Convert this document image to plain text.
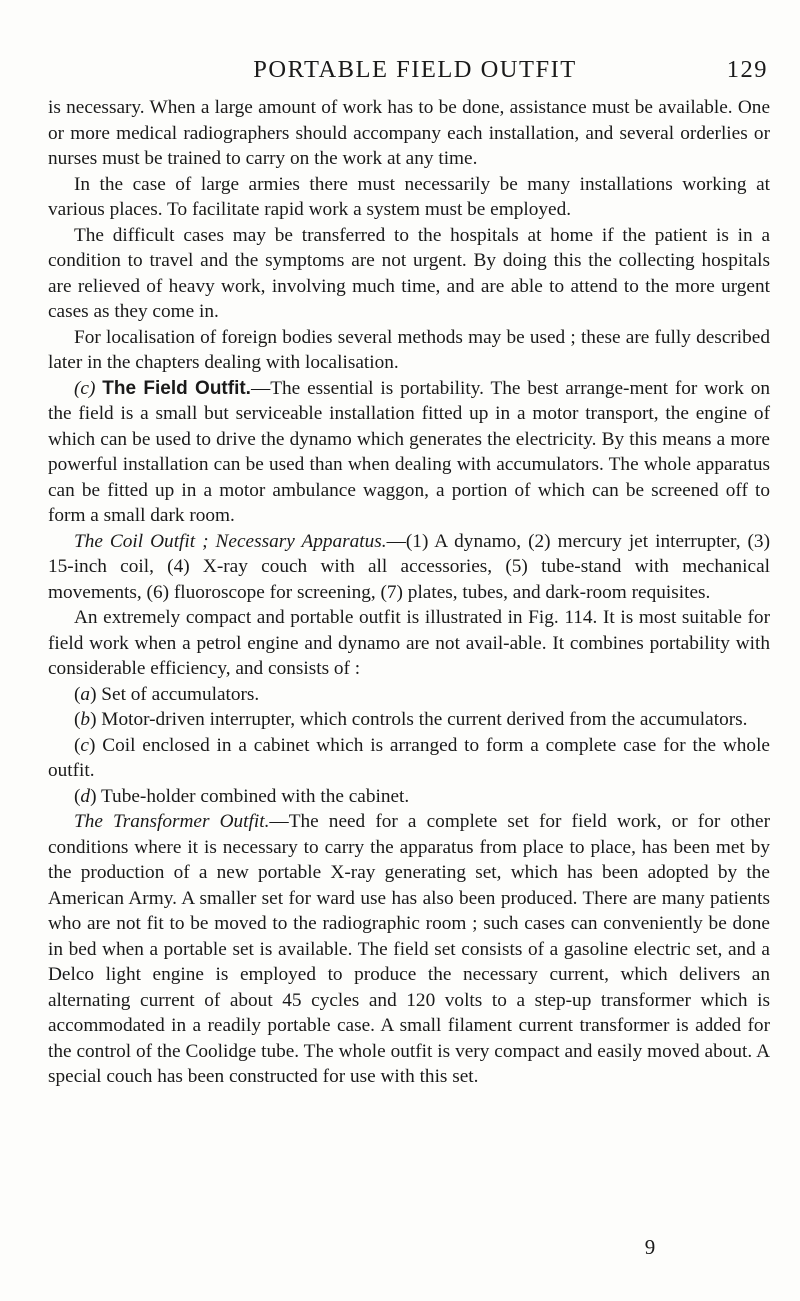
PORTABLE FIELD OUTFIT	129

is necessary. When a large amount of work has to be done, assistance must be available. One or more medical radiographers should accompany each installation, and several orderlies or nurses must be trained to carry on the work at any time.

In the case of large armies there must necessarily be many installations working at various places. To facilitate rapid work a system must be employed.

The difficult cases may be transferred to the hospitals at home if the patient is in a condition to travel and the symptoms are not urgent. By doing this the collecting hospitals are relieved of heavy work, involving much time, and are able to attend to the more urgent cases as they come in.

For localisation of foreign bodies several methods may be used ; these are fully described later in the chapters dealing with localisation.

(c) The Field Outfit.—The essential is portability. The best arrange-ment for work on the field is a small but serviceable installation fitted up in a motor transport, the engine of which can be used to drive the dynamo which generates the electricity. By this means a more powerful installation can be used than when dealing with accumulators. The whole apparatus can be fitted up in a motor ambulance waggon, a portion of which can be screened off to form a small dark room.

The Coil Outfit ; Necessary Apparatus.—(1) A dynamo, (2) mercury jet interrupter, (3) 15-inch coil, (4) X-ray couch with all accessories, (5) tube-stand with mechanical movements, (6) fluoroscope for screening, (7) plates, tubes, and dark-room requisites.

An extremely compact and portable outfit is illustrated in Fig. 114. It is most suitable for field work when a petrol engine and dynamo are not avail-able. It combines portability with considerable efficiency, and consists of :

(a) Set of accumulators.

(b) Motor-driven interrupter, which controls the current derived from the accumulators.

(c) Coil enclosed in a cabinet which is arranged to form a complete case for the whole outfit.

(d) Tube-holder combined with the cabinet.

The Transformer Outfit.—The need for a complete set for field work, or for other conditions where it is necessary to carry the apparatus from place to place, has been met by the production of a new portable X-ray generating set, which has been adopted by the American Army. A smaller set for ward use has also been produced. There are many patients who are not fit to be moved to the radiographic room ; such cases can conveniently be done in bed when a portable set is available. The field set consists of a gasoline electric set, and a Delco light engine is employed to produce the necessary current, which delivers an alternating current of about 45 cycles and 120 volts to a step-up transformer which is accommodated in a readily portable case. A small filament current transformer is added for the control of the Coolidge tube. The whole outfit is very compact and easily moved about. A special couch has been constructed for use with this set.

9
